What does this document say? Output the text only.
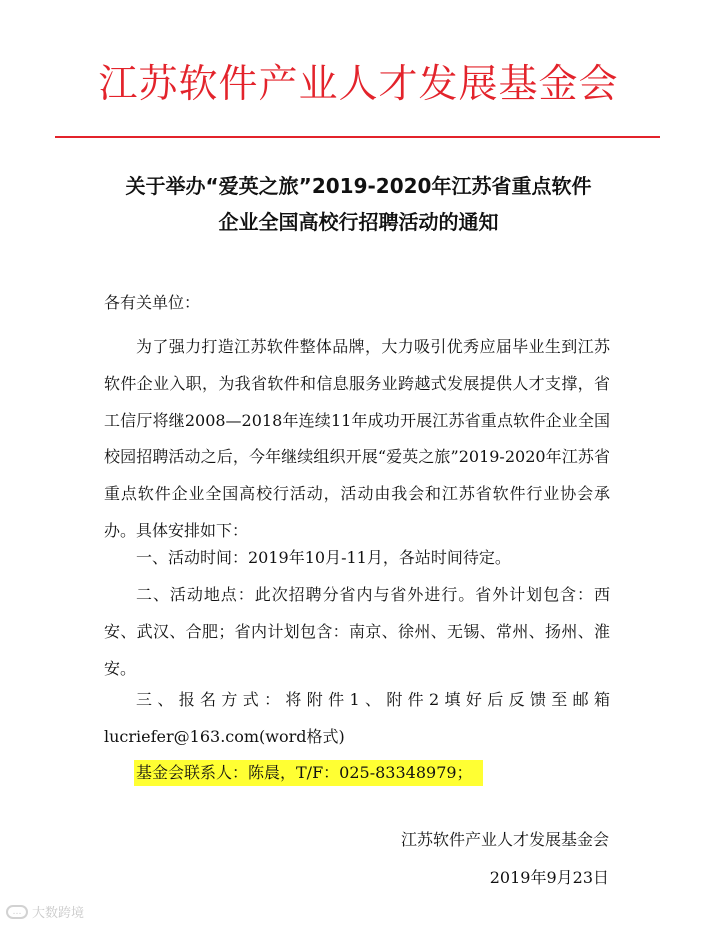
江苏软件产业人才发展基金会
关于举办“爱英之旅”2019-2020年江苏省重点软件
企业全国高校行招聘活动的通知
各有关单位：
为了强力打造江苏软件整体品牌，大力吸引优秀应届毕业生到江苏软件企业入职，为我省软件和信息服务业跨越式发展提供人才支撑，省工信厅将继2008—2018年连续11年成功开展江苏省重点软件企业全国校园招聘活动之后，今年继续组织开展“爱英之旅”2019-2020年江苏省重点软件企业全国高校行活动，活动由我会和江苏省软件行业协会承办。具体安排如下：
一、活动时间：2019年10月-11月，各站时间待定。
二、活动地点：此次招聘分省内与省外进行。省外计划包含：西安、武汉、合肥；省内计划包含：南京、徐州、无锡、常州、扬州、淮安。
三、报名方式：将附件1、附件2填好后反馈至邮箱lucriefer@163.com(word格式)
基金会联系人：陈晨，T/F：025-83348979；
江苏软件产业人才发展基金会
2019年9月23日
… 大数跨境
